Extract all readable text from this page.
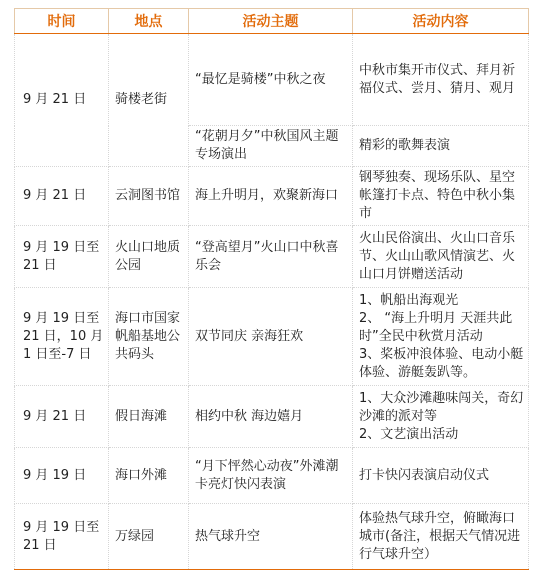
时间	地点	活动主题	活动内容
9 月 21 日	骑楼老街	“最忆是骑楼”中秋之夜	中秋市集开市仪式、拜月祈福仪式、尝月、猜月、观月
		“花朝月夕”中秋国风主题专场演出	精彩的歌舞表演
9 月 21 日	云洞图书馆	海上升明月，欢聚新海口	钢琴独奏、现场乐队、星空帐篷打卡点、特色中秋小集市
9 月 19 日至 21 日	火山口地质公园	“登高望月”火山口中秋喜乐会	火山民俗演出、火山口音乐节、火山山歌风情演艺、火山口月饼赠送活动
9 月 19 日至 21 日，10 月 1 日至-7 日	海口市国家帆船基地公共码头	双节同庆 亲海狂欢	1、帆船出海观光
2、 “海上升明月 天涯共此时”全民中秋赏月活动
3、桨板冲浪体验、电动小艇体验、游艇轰趴等。

9 月 21 日	假日海滩	相约中秋 海边嬉月	1、大众沙滩趣味闯关，奇幻沙滩的派对等
2、文艺演出活动

9 月 19 日	海口外滩	“月下怦然心动夜”外滩潮卡亮灯快闪表演	打卡快闪表演启动仪式
9 月 19 日至 21 日	万绿园	热气球升空	体验热气球升空，俯瞰海口城市(备注，根据天气情况进行气球升空）
